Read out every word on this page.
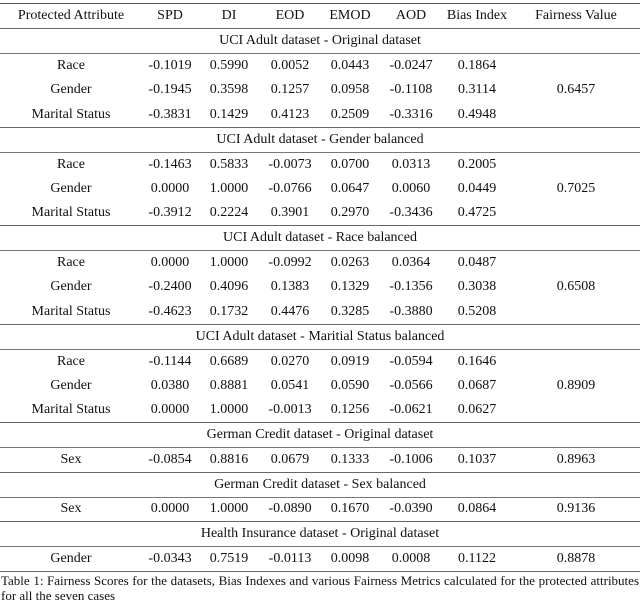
Protected Attribute	SPD	DI	EOD	EMOD	AOD	Bias Index	Fairness Value
UCI Adult dataset - Original dataset							
Race	-0.1019	0.5990	0.0052	0.0443	-0.0247	0.1864	0.6457
Gender	-0.1945	0.3598	0.1257	0.0958	-0.1108	0.3114	
Marital Status	-0.3831	0.1429	0.4123	0.2509	-0.3316	0.4948	
UCI Adult dataset - Gender balanced							
Race	-0.1463	0.5833	-0.0073	0.0700	0.0313	0.2005	0.7025
Gender	0.0000	1.0000	-0.0766	0.0647	0.0060	0.0449	
Marital Status	-0.3912	0.2224	0.3901	0.2970	-0.3436	0.4725	
UCI Adult dataset - Race balanced							
Race	0.0000	1.0000	-0.0992	0.0263	0.0364	0.0487	0.6508
Gender	-0.2400	0.4096	0.1383	0.1329	-0.1356	0.3038	
Marital Status	-0.4623	0.1732	0.4476	0.3285	-0.3880	0.5208	
UCI Adult dataset - Maritial Status balanced							
Race	-0.1144	0.6689	0.0270	0.0919	-0.0594	0.1646	0.8909
Gender	0.0380	0.8881	0.0541	0.0590	-0.0566	0.0687	
Marital Status	0.0000	1.0000	-0.0013	0.1256	-0.0621	0.0627	
German Credit dataset - Original dataset							
Sex	-0.0854	0.8816	0.0679	0.1333	-0.1006	0.1037	0.8963
German Credit dataset - Sex balanced							
Sex	0.0000	1.0000	-0.0890	0.1670	-0.0390	0.0864	0.9136
Health Insurance dataset - Original dataset							
Gender	-0.0343	0.7519	-0.0113	0.0098	0.0008	0.1122	0.8878
Table 1: Fairness Scores for the datasets, Bias Indexes and various Fairness Metrics calculated for the protected attributes for all the seven cases
